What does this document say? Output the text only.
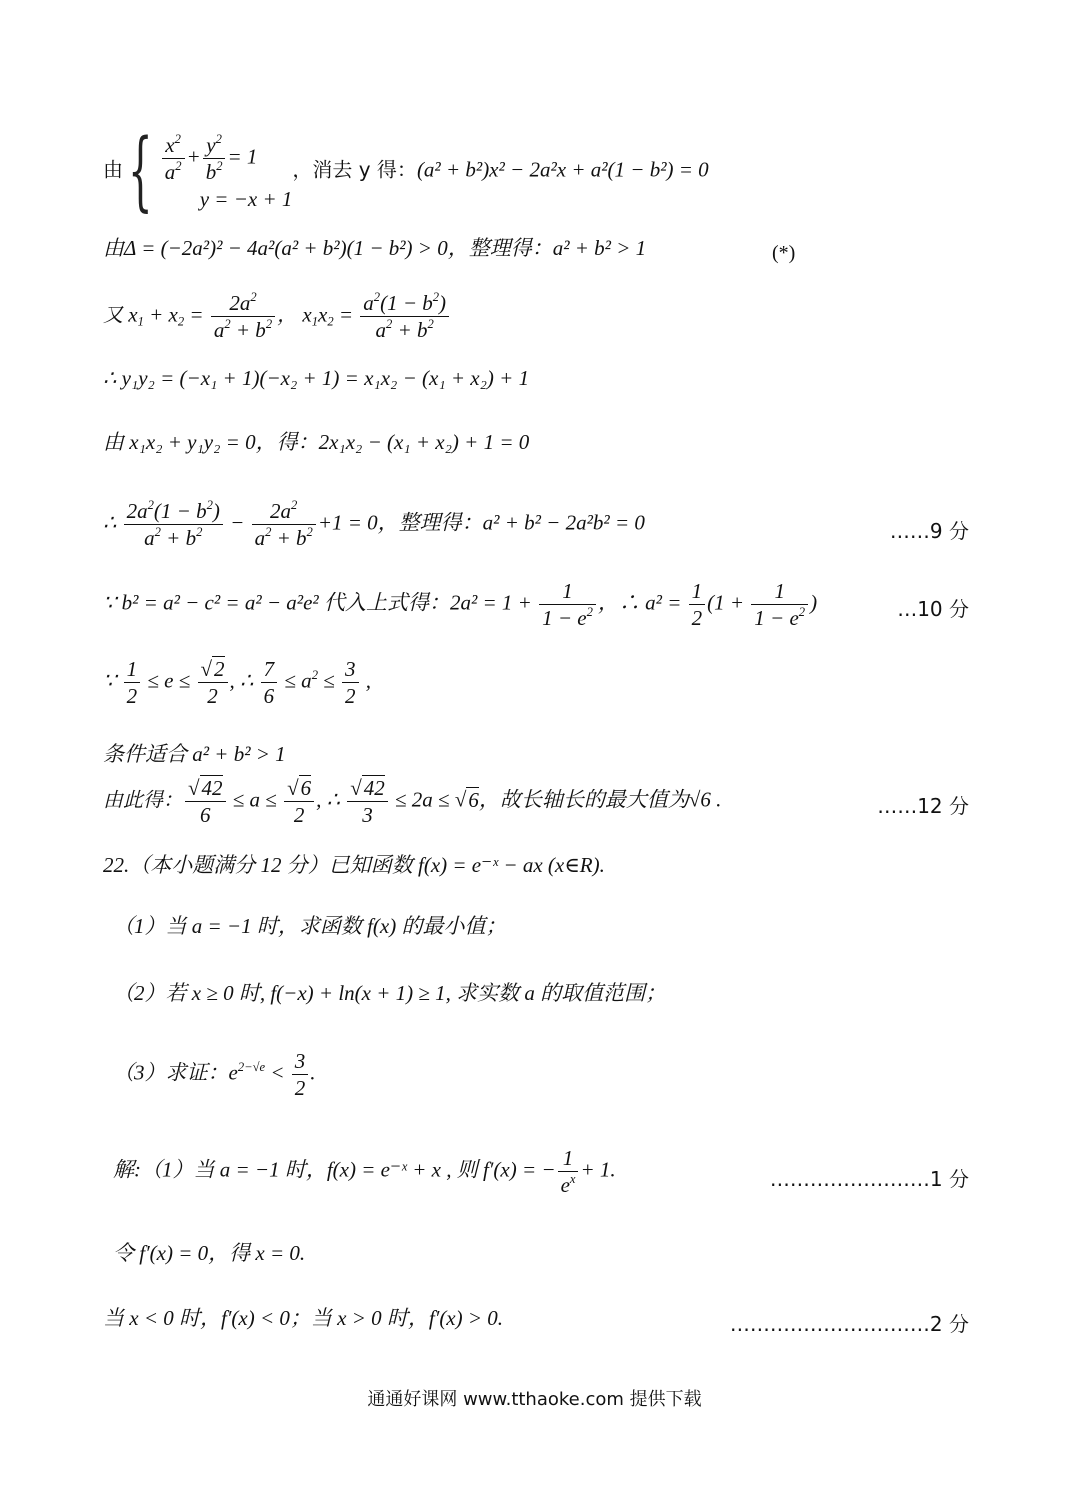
由 { $\frac{x^2}{a^2} + \frac{y^2}{b^2} = 1$
y = −x + 1
，消去 y 得：(a² + b²)x² − 2a²x + a²(1 − b²) = 0
由Δ = (−2a²)² − 4a²(a² + b²)(1 − b²) > 0，整理得：a² + b² > 1	(*)
又 $x_1 + x_2 = \frac{2a^2}{a^2 + b^2}$ ， $x_1x_2 = \frac{a^2(1 - b^2)}{a^2 + b^2}$
∴ y₁y₂ = (−x₁ + 1)(−x₂ + 1) = x₁x₂ − (x₁ + x₂) + 1
由 x₁x₂ + y₁y₂ = 0，得：2x₁x₂ − (x₁ + x₂) + 1 = 0
∴ $\frac{2a^2(1 - b^2)}{a^2 + b^2} - \frac{2a^2}{a^2 + b^2} +1 = 0$，整理得：a² + b² − 2a²b² = 0	……9 分
∵ b² = a² − c² = a² − a²e² 代入上式得：$2a^2 = 1 + \frac{1}{1 - e^2}$ ，∴ $a^2 = \frac{1}{2} (1 + \frac{1}{1 - e^2}$ )	…10 分
∵ $\frac{1}{2} \le e \le \frac{√2}{2}$ , ∴ $\frac{7}{6} \le a^2 \le \frac{3}{2}$ ,
条件适合 a² + b² > 1
由此得： $\frac{√42}{6} \le a \le \frac{√6}{2}$ , ∴ $\frac{√42}{3} \le 2a \le √6$，故长轴长的最大值为√6 .	……12 分
22.（本小题满分 12 分）已知函数 f(x) = e⁻ˣ − ax (x∈R).
（1）当 a = −1 时，求函数 f(x) 的最小值；
（2）若 x ≥ 0 时, f(−x) + ln(x + 1) ≥ 1, 求实数 a 的取值范围；
（3）求证：$e^{2-√e} < \frac{3}{2}$ .
解:（1）当 a = −1 时，f(x) = e⁻ˣ + x , 则 f′(x) = − $\frac{1}{e^x} + 1$.	……………………1 分
令 f′(x) = 0，得 x = 0.
当 x < 0 时，f′(x) < 0；当 x > 0 时，f′(x) > 0.	…………………………2 分
通通好课网 www.tthaoke.com 提供下载
